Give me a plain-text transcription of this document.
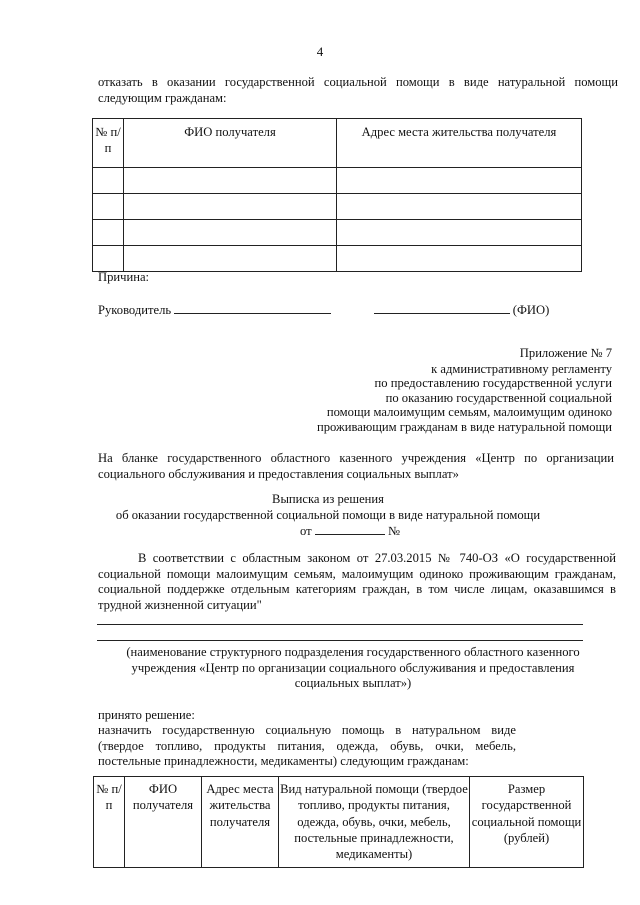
4
отказать в оказании государственной социальной помощи в виде натуральной помощи
следующим гражданам:
№ п/п	ФИО получателя	Адрес места жительства получателя

Причина:
Руководитель	(ФИО)
Приложение № 7
к административному регламенту
по предоставлению государственной услуги
по оказанию государственной социальной
помощи малоимущим семьям, малоимущим одиноко
проживающим гражданам в виде натуральной помощи
На бланке государственного областного казенного учреждения «Центр по организации социального обслуживания и предоставления социальных выплат»
Выписка из решения
об оказании государственной социальной помощи в виде натуральной помощи
от	№
В соответствии с областным законом от 27.03.2015 № 740-ОЗ «О государственной социальной помощи малоимущим семьям, малоимущим одиноко проживающим гражданам, социальной поддержке отдельным категориям граждан, в том числе лицам, оказавшимся в трудной жизненной ситуации"
(наименование структурного подразделения государственного областного казенного учреждения «Центр по организации социального обслуживания и предоставления социальных выплат»)
принято решение:
назначить государственную социальную помощь в натуральном виде (твердое топливо, продукты питания, одежда, обувь, очки, мебель, постельные принадлежности, медикаменты) следующим гражданам:
№ п/п	ФИО получателя	Адрес места жительства получателя	Вид натуральной помощи (твердое топливо, продукты питания, одежда, обувь, очки, мебель, постельные принадлежности, медикаменты)	Размер государственной социальной помощи (рублей)
